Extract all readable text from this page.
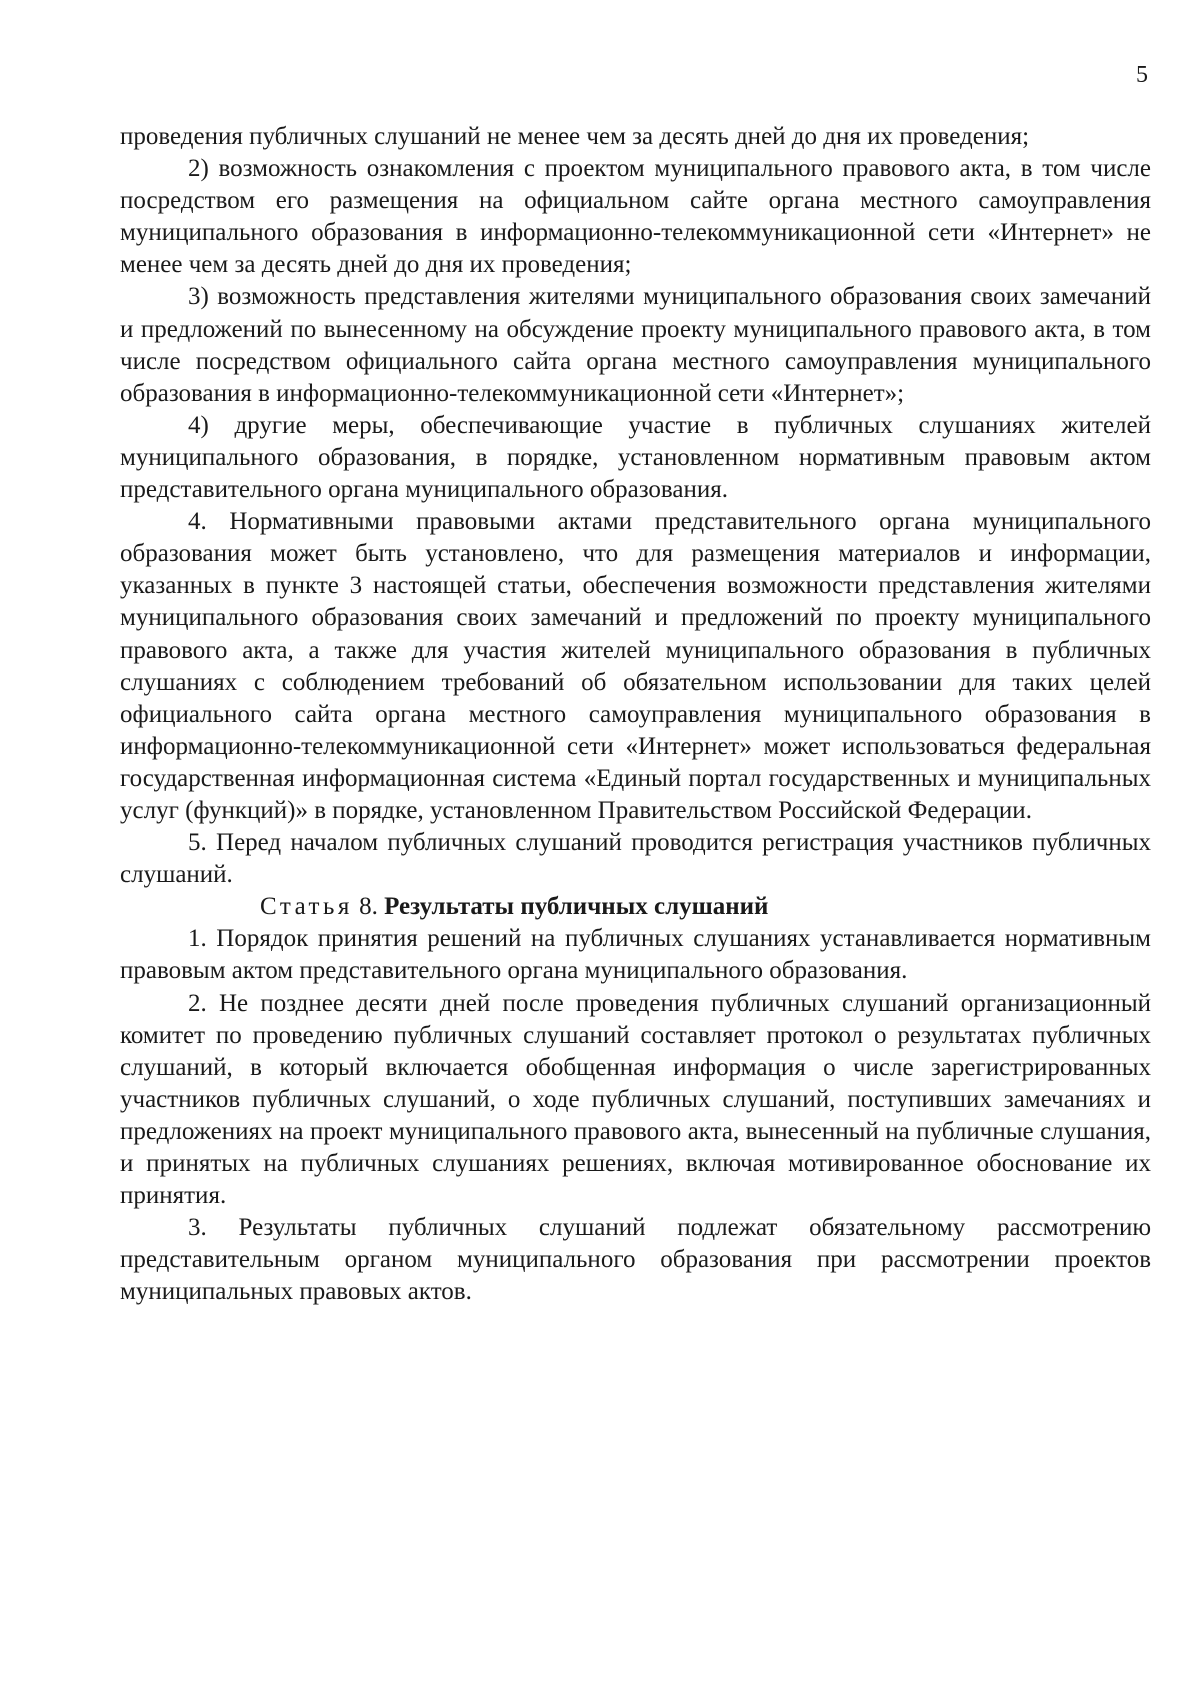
5

проведения публичных слушаний не менее чем за десять дней до дня их проведения;

2) возможность ознакомления с проектом муниципального правового акта, в том числе посредством его размещения на официальном сайте органа местного самоуправления муниципального образования в информационно-телекоммуникационной сети «Интернет» не менее чем за десять дней до дня их проведения;

3) возможность представления жителями муниципального образования своих замечаний и предложений по вынесенному на обсуждение проекту муниципального правового акта, в том числе посредством официального сайта органа местного самоуправления муниципального образования в информационно-телекоммуникационной сети «Интернет»;

4) другие меры, обеспечивающие участие в публичных слушаниях жителей муниципального образования, в порядке, установленном нормативным правовым актом представительного органа муниципального образования.

4. Нормативными правовыми актами представительного органа муниципального образования может быть установлено, что для размещения материалов и информации, указанных в пункте 3 настоящей статьи, обеспечения возможности представления жителями муниципального образования своих замечаний и предложений по проекту муниципального правового акта, а также для участия жителей муниципального образования в публичных слушаниях с соблюдением требований об обязательном использовании для таких целей официального сайта органа местного самоуправления муниципального образования в информационно-телекоммуникационной сети «Интернет» может использоваться федеральная государственная информационная система «Единый портал государственных и муниципальных услуг (функций)» в порядке, установленном Правительством Российской Федерации.

5. Перед началом публичных слушаний проводится регистрация участников публичных слушаний.

Статья 8. Результаты публичных слушаний

1. Порядок принятия решений на публичных слушаниях устанавливается нормативным правовым актом представительного органа муниципального образования.

2. Не позднее десяти дней после проведения публичных слушаний организационный комитет по проведению публичных слушаний составляет протокол о результатах публичных слушаний, в который включается обобщенная информация о числе зарегистрированных участников публичных слушаний, о ходе публичных слушаний, поступивших замечаниях и предложениях на проект муниципального правового акта, вынесенный на публичные слушания, и принятых на публичных слушаниях решениях, включая мотивированное обоснование их принятия.

3. Результаты публичных слушаний подлежат обязательному рассмотрению представительным органом муниципального образования при рассмотрении проектов муниципальных правовых актов.
